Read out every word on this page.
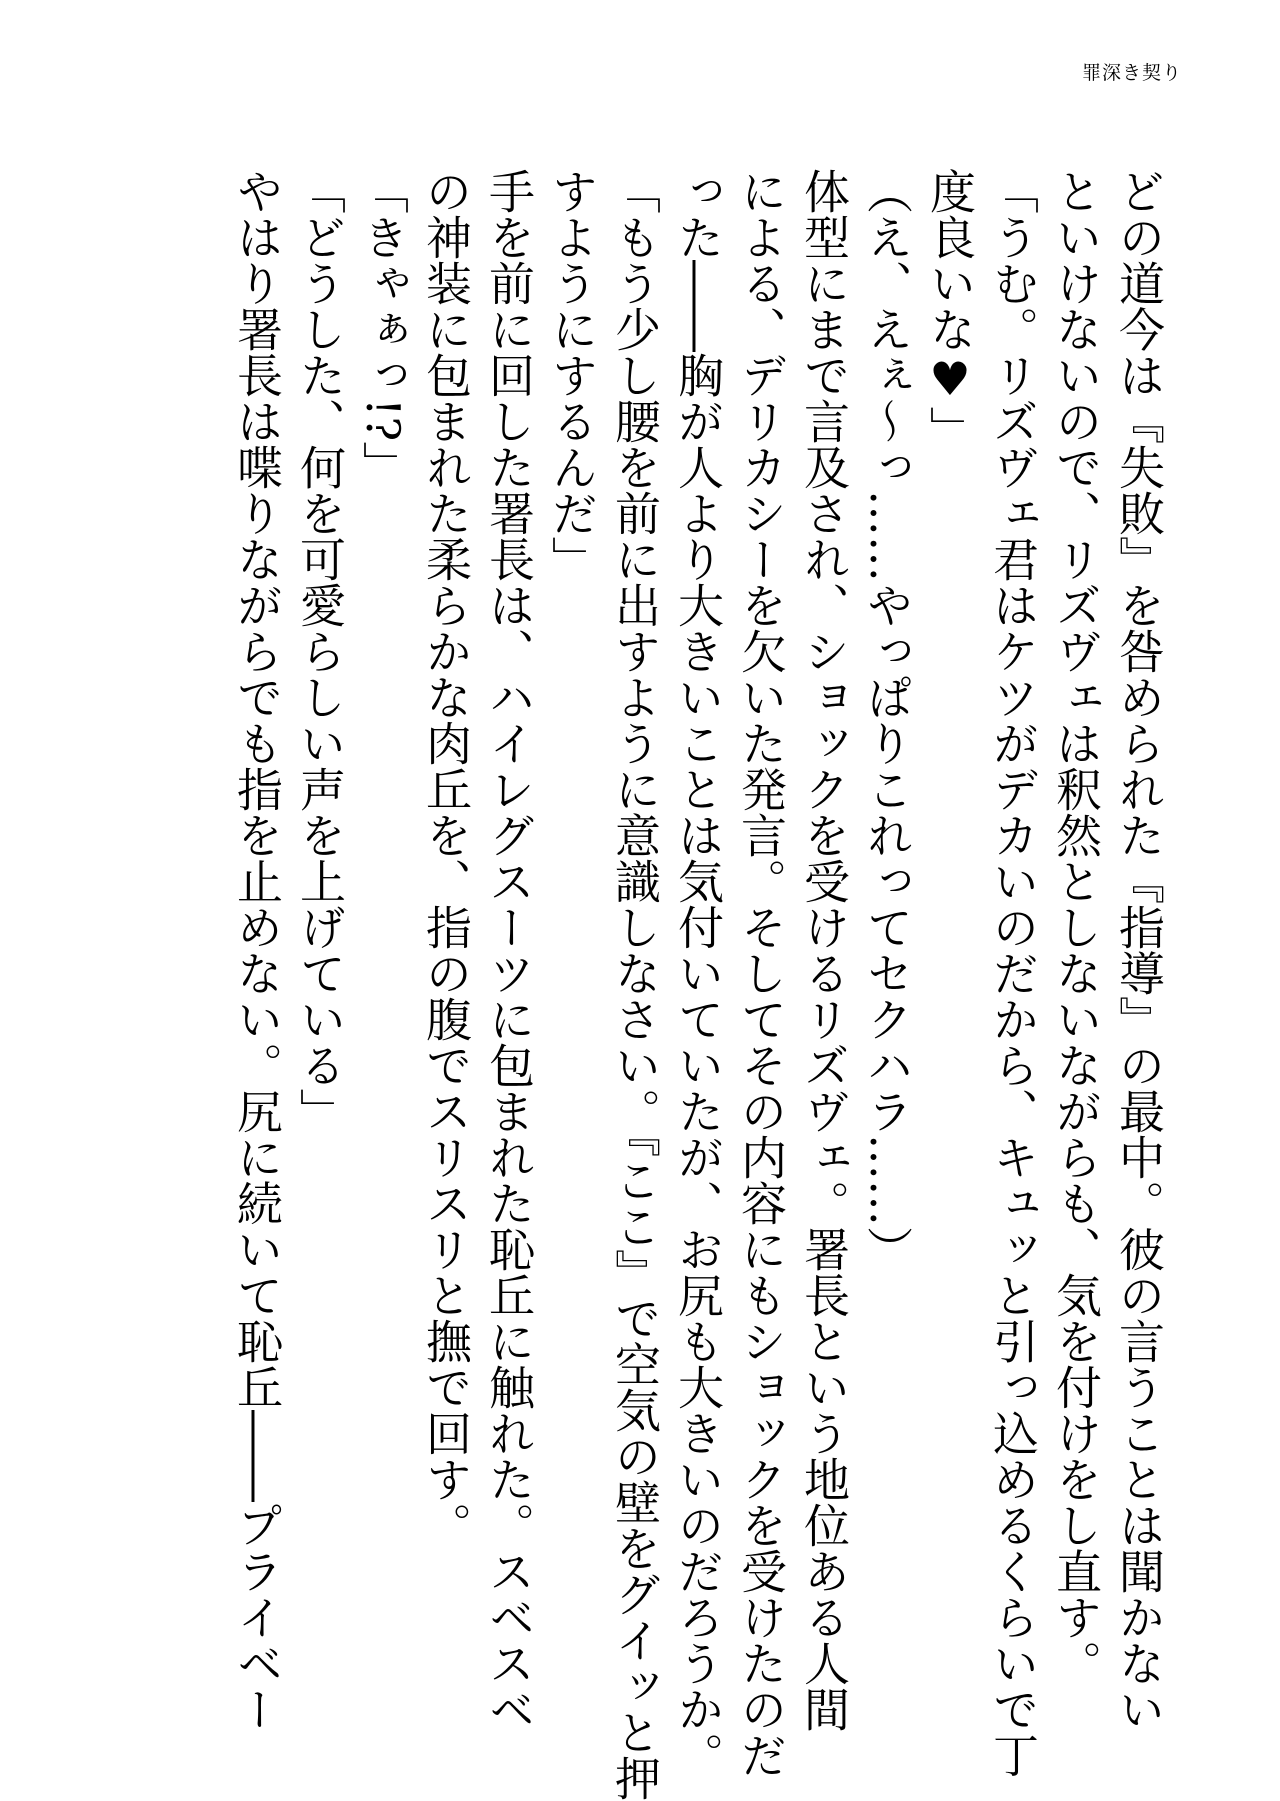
罪深き契り
どの道今は『失敗』を咎められた『指導』の最中。彼の言うことは聞かない
といけないので、リズヴェは釈然としないながらも、気を付けをし直す。
「うむ。リズヴェ君はケツがデカいのだから、キュッと引っ込めるくらいで丁
度良いな♥」
（え、えぇ～っ……やっぱりこれってセクハラ……）
体型にまで言及され、ショックを受けるリズヴェ。署長という地位ある人間
による、デリカシーを欠いた発言。そしてその内容にもショックを受けたのだ
った――胸が人より大きいことは気付いていたが、お尻も大きいのだろうか。
「もう少し腰を前に出すように意識しなさい。『ここ』で空気の壁をグイッと押
すようにするんだ」
手を前に回した署長は、ハイレグスーツに包まれた恥丘に触れた。スベスベ
の神装に包まれた柔らかな肉丘を、指の腹でスリスリと撫で回す。
「きゃぁっ!?」
「どうした、何を可愛らしい声を上げている」
やはり署長は喋りながらでも指を止めない。尻に続いて恥丘――プライベー
